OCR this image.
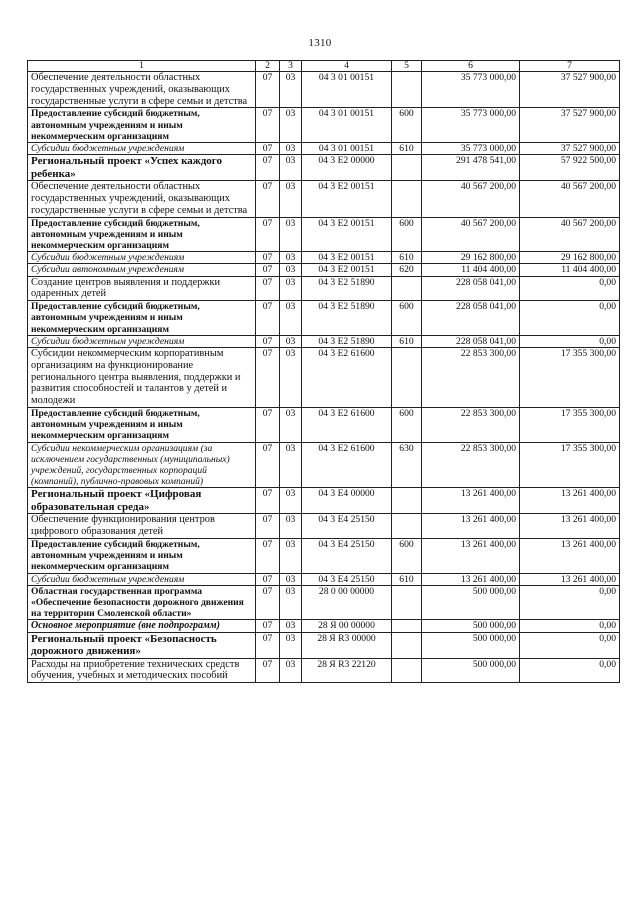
1310
1	2	3	4	5	6	7
Обеспечение деятельности областных государственных учреждений, оказывающих государственные услуги в сфере семьи и детства	07	03	04 3 01 00151		35 773 000,00	37 527 900,00
Предоставление субсидий бюджетным, автономным учреждениям и иным некоммерческим организациям	07	03	04 3 01 00151	600	35 773 000,00	37 527 900,00
Субсидии бюджетным учреждениям	07	03	04 3 01 00151	610	35 773 000,00	37 527 900,00
Региональный проект «Успех каждого ребенка»	07	03	04 3 Е2 00000		291 478 541,00	57 922 500,00
Обеспечение деятельности областных государственных учреждений, оказывающих государственные услуги в сфере семьи и детства	07	03	04 3 Е2 00151		40 567 200,00	40 567 200,00
Предоставление субсидий бюджетным, автономным учреждениям и иным некоммерческим организациям	07	03	04 3 Е2 00151	600	40 567 200,00	40 567 200,00
Субсидии бюджетным учреждениям	07	03	04 3 Е2 00151	610	29 162 800,00	29 162 800,00
Субсидии автономным учреждениям	07	03	04 3 Е2 00151	620	11 404 400,00	11 404 400,00
Создание центров выявления и поддержки одаренных детей	07	03	04 3 Е2 51890		228 058 041,00	0,00
Предоставление субсидий бюджетным, автономным учреждениям и иным некоммерческим организациям	07	03	04 3 Е2 51890	600	228 058 041,00	0,00
Субсидии бюджетным учреждениям	07	03	04 3 Е2 51890	610	228 058 041,00	0,00
Субсидии некоммерческим корпоративным организациям на функционирование регионального центра выявления, поддержки и развития способностей и талантов у детей и молодежи	07	03	04 3 Е2 61600		22 853 300,00	17 355 300,00
Предоставление субсидий бюджетным, автономным учреждениям и иным некоммерческим организациям	07	03	04 3 Е2 61600	600	22 853 300,00	17 355 300,00
Субсидии некоммерческим организациям (за исключением государственных (муниципальных) учреждений, государственных корпораций (компаний), публично-правовых компаний)	07	03	04 3 Е2 61600	630	22 853 300,00	17 355 300,00
Региональный проект «Цифровая образовательная среда»	07	03	04 3 Е4 00000		13 261 400,00	13 261 400,00
Обеспечение функционирования центров цифрового образования детей	07	03	04 3 Е4 25150		13 261 400,00	13 261 400,00
Предоставление субсидий бюджетным, автономным учреждениям и иным некоммерческим организациям	07	03	04 3 Е4 25150	600	13 261 400,00	13 261 400,00
Субсидии бюджетным учреждениям	07	03	04 3 Е4 25150	610	13 261 400,00	13 261 400,00
Областная государственная программа «Обеспечение безопасности дорожного движения на территории Смоленской области»	07	03	28 0 00 00000		500 000,00	0,00
Основное мероприятие (вне подпрограмм)	07	03	28 Я 00 00000		500 000,00	0,00
Региональный проект «Безопасность дорожного движения»	07	03	28 Я R3 00000		500 000,00	0,00
Расходы на приобретение технических средств обучения, учебных и методических пособий	07	03	28 Я R3 22120		500 000,00	0,00
